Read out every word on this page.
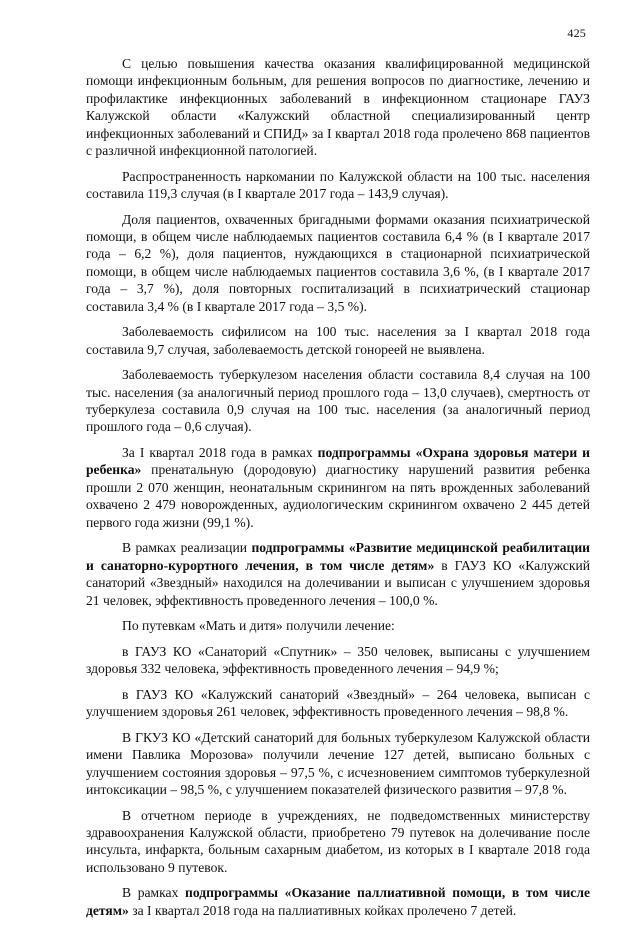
425

С целью повышения качества оказания квалифицированной медицинской помощи инфекционным больным, для решения вопросов по диагностике, лечению и профилактике инфекционных заболеваний в инфекционном стационаре ГАУЗ Калужской области «Калужский областной специализированный центр инфекционных заболеваний и СПИД» за I квартал 2018 года пролечено 868 пациентов с различной инфекционной патологией.

Распространенность наркомании по Калужской области на 100 тыс. населения составила 119,3 случая (в I квартале 2017 года – 143,9 случая).

Доля пациентов, охваченных бригадными формами оказания психиатрической помощи, в общем числе наблюдаемых пациентов составила 6,4 % (в I квартале 2017 года – 6,2 %), доля пациентов, нуждающихся в стационарной психиатрической помощи, в общем числе наблюдаемых пациентов составила 3,6 %, (в I квартале 2017 года – 3,7 %), доля повторных госпитализаций в психиатрический стационар составила 3,4 % (в I квартале 2017 года – 3,5 %).

Заболеваемость сифилисом на 100 тыс. населения за I квартал 2018 года составила 9,7 случая, заболеваемость детской гонореей не выявлена.

Заболеваемость туберкулезом населения области составила 8,4 случая на 100 тыс. населения (за аналогичный период прошлого года – 13,0 случаев), смертность от туберкулеза составила 0,9 случая на 100 тыс. населения (за аналогичный период прошлого года – 0,6 случая).

За I квартал 2018 года в рамках подпрограммы «Охрана здоровья матери и ребенка» пренатальную (дородовую) диагностику нарушений развития ребенка прошли 2 070 женщин, неонатальным скринингом на пять врожденных заболеваний охвачено 2 479 новорожденных, аудиологическим скринингом охвачено 2 445 детей первого года жизни (99,1 %).

В рамках реализации подпрограммы «Развитие медицинской реабилитации и санаторно-курортного лечения, в том числе детям» в ГАУЗ КО «Калужский санаторий «Звездный» находился на долечивании и выписан с улучшением здоровья 21 человек, эффективность проведенного лечения – 100,0 %.

По путевкам «Мать и дитя» получили лечение:

в ГАУЗ КО «Санаторий «Спутник» – 350 человек, выписаны с улучшением здоровья 332 человека, эффективность проведенного лечения – 94,9 %;

в ГАУЗ КО «Калужский санаторий «Звездный» – 264 человека, выписан с улучшением здоровья 261 человек, эффективность проведенного лечения – 98,8 %.

В ГКУЗ КО «Детский санаторий для больных туберкулезом Калужской области имени Павлика Морозова» получили лечение 127 детей, выписано больных с улучшением состояния здоровья – 97,5 %, с исчезновением симптомов туберкулезной интоксикации – 98,5 %, с улучшением показателей физического развития – 97,8 %.

В отчетном периоде в учреждениях, не подведомственных министерству здравоохранения Калужской области, приобретено 79 путевок на долечивание после инсульта, инфаркта, больным сахарным диабетом, из которых в I квартале 2018 года использовано 9 путевок.

В рамках подпрограммы «Оказание паллиативной помощи, в том числе детям» за I квартал 2018 года на паллиативных койках пролечено 7 детей.
